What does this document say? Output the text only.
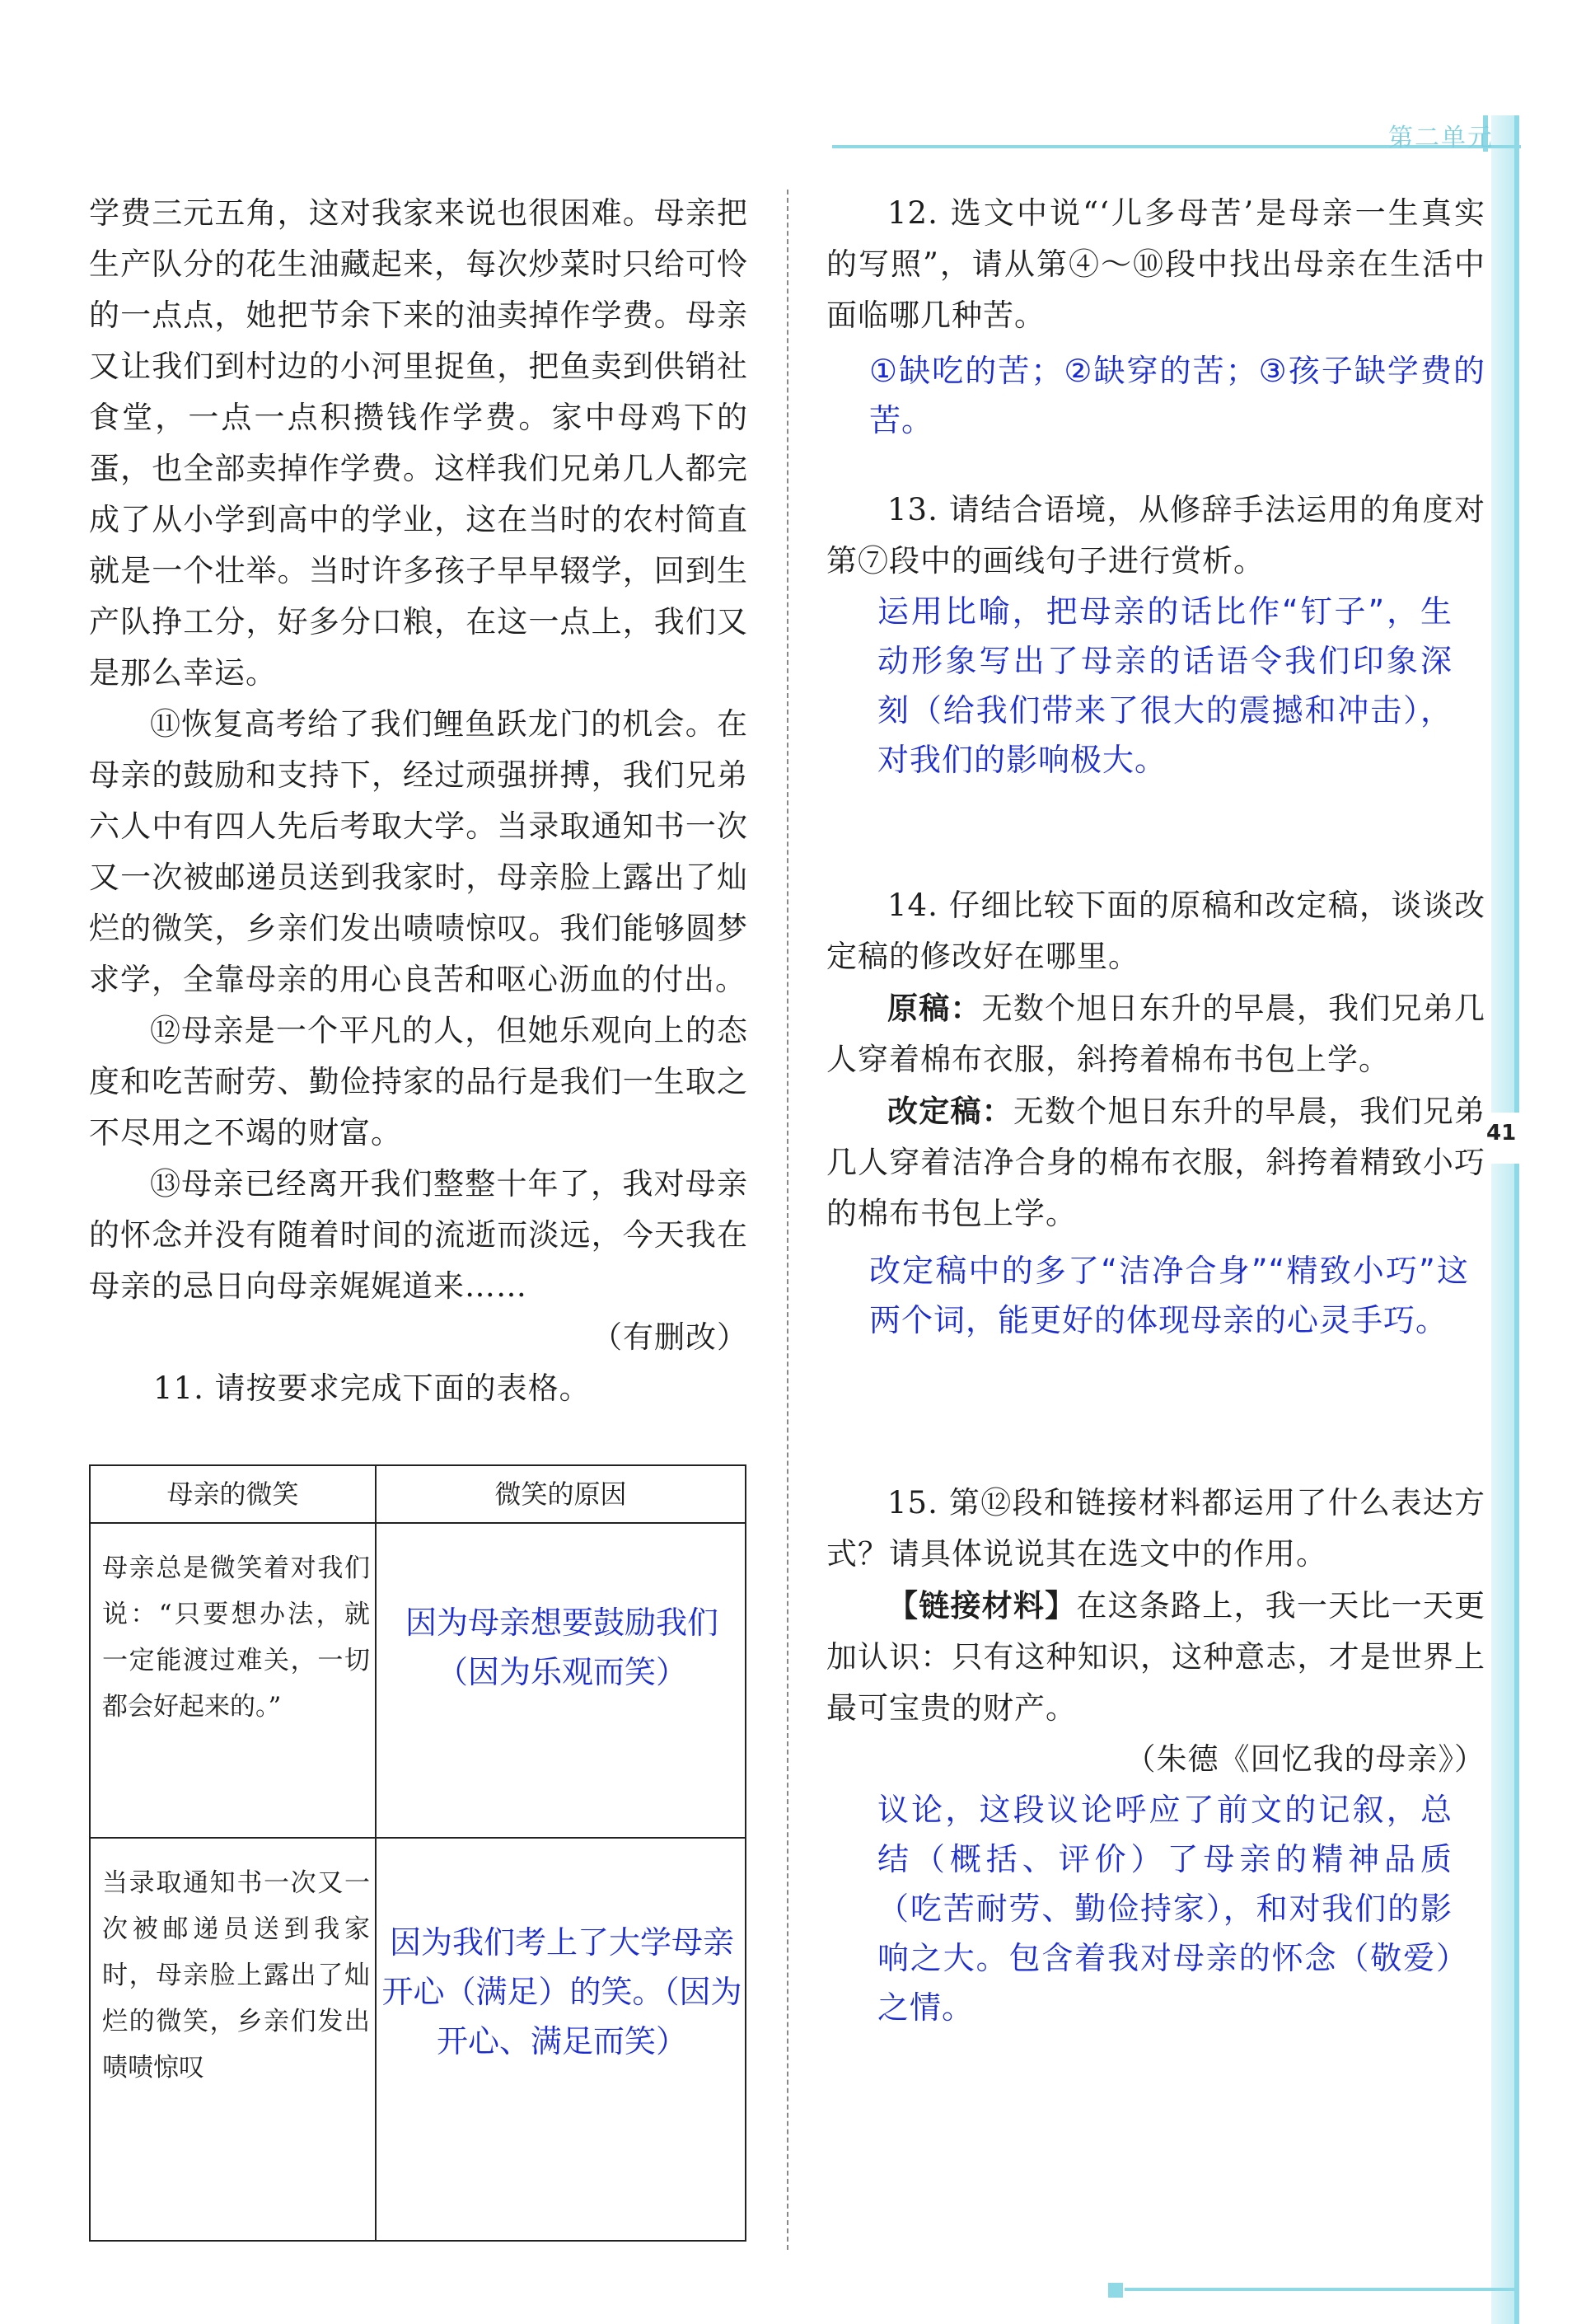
第二单元
41

学费三元五角，这对我家来说也很困难。母亲把生产队分的花生油藏起来，每次炒菜时只给可怜的一点点，她把节余下来的油卖掉作学费。母亲又让我们到村边的小河里捉鱼，把鱼卖到供销社食堂，一点一点积攒钱作学费。家中母鸡下的蛋，也全部卖掉作学费。这样我们兄弟几人都完成了从小学到高中的学业，这在当时的农村简直就是一个壮举。当时许多孩子早早辍学，回到生产队挣工分，好多分口粮，在这一点上，我们又是那么幸运。

⑪恢复高考给了我们鲤鱼跃龙门的机会。在母亲的鼓励和支持下，经过顽强拼搏，我们兄弟六人中有四人先后考取大学。当录取通知书一次又一次被邮递员送到我家时，母亲脸上露出了灿烂的微笑，乡亲们发出啧啧惊叹。我们能够圆梦求学，全靠母亲的用心良苦和呕心沥血的付出。

⑫母亲是一个平凡的人，但她乐观向上的态度和吃苦耐劳、勤俭持家的品行是我们一生取之不尽用之不竭的财富。

⑬母亲已经离开我们整整十年了，我对母亲的怀念并没有随着时间的流逝而淡远，今天我在母亲的忌日向母亲娓娓道来……

（有删改）

11. 请按要求完成下面的表格。

母亲的微笑	微笑的原因
母亲总是微笑着对我们说：“只要想办法，就一定能渡过难关，一切都会好起来的。”
因为母亲想要鼓励我们（因为乐观而笑）
当录取通知书一次又一次被邮递员送到我家时，母亲脸上露出了灿烂的微笑，乡亲们发出啧啧惊叹
因为我们考上了大学母亲开心（满足）的笑。（因为开心、满足而笑）

12. 选文中说“‘儿多母苦’是母亲一生真实的写照”，请从第④～⑩段中找出母亲在生活中面临哪几种苦。

①缺吃的苦；②缺穿的苦；③孩子缺学费的苦。

13. 请结合语境，从修辞手法运用的角度对第⑦段中的画线句子进行赏析。

运用比喻，把母亲的话比作“钉子”，生动形象写出了母亲的话语令我们印象深刻（给我们带来了很大的震撼和冲击），对我们的影响极大。

14. 仔细比较下面的原稿和改定稿，谈谈改定稿的修改好在哪里。

原稿：无数个旭日东升的早晨，我们兄弟几人穿着棉布衣服，斜挎着棉布书包上学。

改定稿：无数个旭日东升的早晨，我们兄弟几人穿着洁净合身的棉布衣服，斜挎着精致小巧的棉布书包上学。

改定稿中的多了“洁净合身”“精致小巧”这两个词，能更好的体现母亲的心灵手巧。

15. 第⑫段和链接材料都运用了什么表达方式？请具体说说其在选文中的作用。

【链接材料】在这条路上，我一天比一天更加认识：只有这种知识，这种意志，才是世界上最可宝贵的财产。

（朱德《回忆我的母亲》）

议论，这段议论呼应了前文的记叙，总结（概括、评价）了母亲的精神品质（吃苦耐劳、勤俭持家），和对我们的影响之大。包含着我对母亲的怀念（敬爱）之情。
